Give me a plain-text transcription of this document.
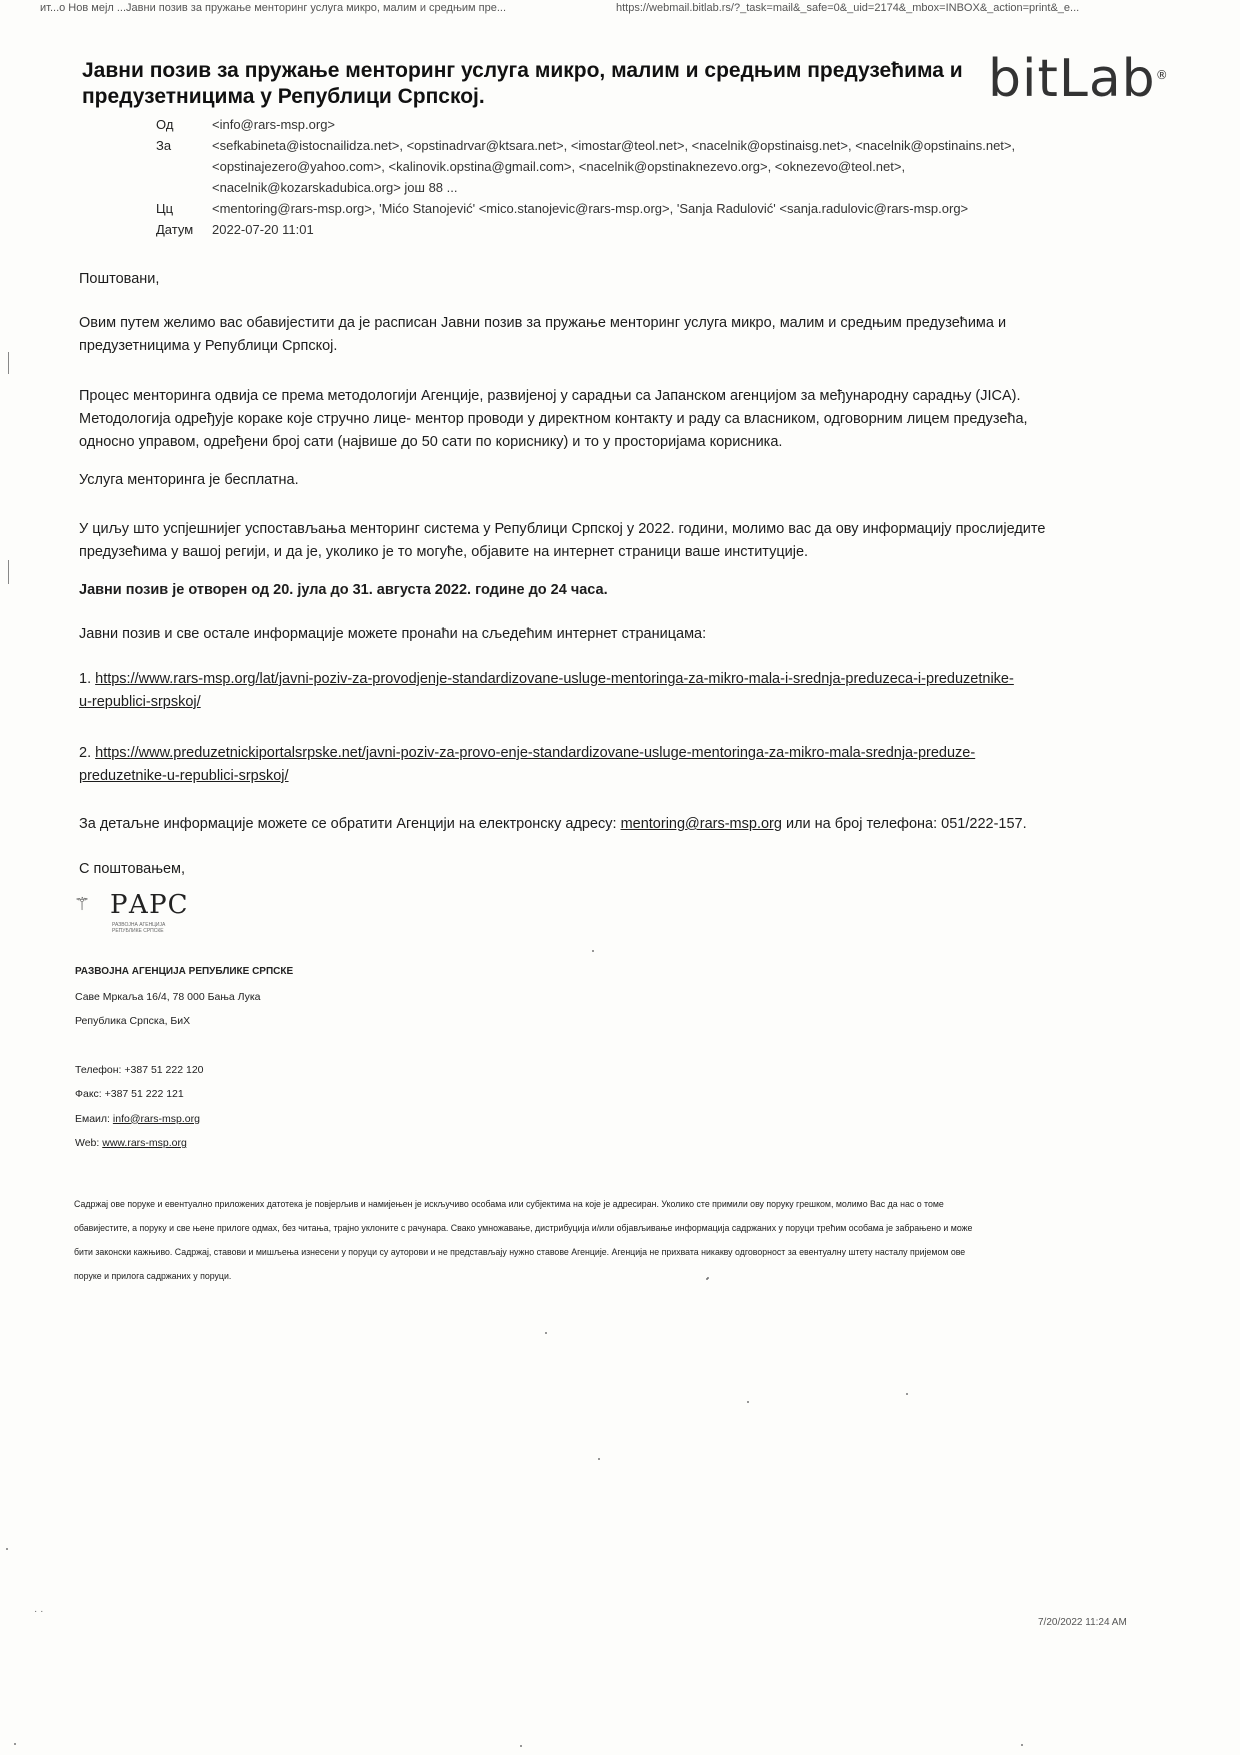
ит...о Нов мејл ...Јавни позив за пружање менторинг услуга микро, малим и средњим пре...	https://webmail.bitlab.rs/?_task=mail&_safe=0&_uid=2174&_mbox=INBOX&_action=print&_e...
Јавни позив за пружање менторинг услуга микро, малим и средњим предузећима и предузетницима у Републици Српској.	bitLab®
Од	<info@rars-msp.org>
За	<sefkabineta@istocnailidza.net>, <opstinadrvar@ktsara.net>, <imostar@teol.net>, <nacelnik@opstinaisg.net>, <nacelnik@opstinains.net>,
<opstinajezero@yahoo.com>, <kalinovik.opstina@gmail.com>, <nacelnik@opstinaknezevo.org>, <oknezevo@teol.net>,
<nacelnik@kozarskadubica.org> још 88 ...
Цц	<mentoring@rars-msp.org>, 'Mićo Stanojević' <mico.stanojevic@rars-msp.org>, 'Sanja Radulović' <sanja.radulovic@rars-msp.org>
Датум	2022-07-20 11:01

Поштовани,

Овим путем желимо вас обавијестити да је расписан Јавни позив за пружање менторинг услуга микро, малим и средњим предузећима и
предузетницима у Републици Српској.

Процес менторинга одвија се према методологији Агенције, развијеној у сарадњи са Јапанском агенцијом за међународну сарадњу (JICA).
Методологија одређује кораке које стручно лице- ментор проводи у директном контакту и раду са власником, одговорним лицем предузећа,
односно управом, одређени број сати (највише до 50 сати по кориснику) и то у просторијама корисника.

Услуга менторинга је бесплатна.

У циљу што успјешнијег успостављања менторинг система у Републици Српској у 2022. години, молимо вас да ову информацију прослиједите
предузећима у вашој регији, и да је, уколико је то могуће, објавите на интернет страници ваше институције.

Јавни позив је отворен од 20. јула до 31. августа 2022. године до 24 часа.

Јавни позив и све остале информације можете пронаћи на сљедећим интернет страницама:

1. https://www.rars-msp.org/lat/javni-poziv-za-provodjenje-standardizovane-usluge-mentoringa-za-mikro-mala-i-srednja-preduzeca-i-preduzetnike-
u-republici-srpskoj/

2. https://www.preduzetnickiportalsrpske.net/javni-poziv-za-provo-enje-standardizovane-usluge-mentoringa-za-mikro-mala-srednja-preduze-
preduzetnike-u-republici-srpskoj/

За детаљне информације можете се обратити Агенцији на електронску адресу: mentoring@rars-msp.org или на број телефона: 051/222-157.

С поштовањем,

⚚ РАРС
РАЗВОЈНА АГЕНЦИЈА РЕПУБЛИКЕ СРПСКЕ
РАЗВОЈНА АГЕНЦИЈА РЕПУБЛИКЕ СРПСКЕ
Саве Мркаља 16/4, 78 000 Бања Лука
Република Српска, БиХ
Телефон: +387 51 222 120
Факс: +387 51 222 121
Емаил: info@rars-msp.org
Web: www.rars-msp.org
Садржај ове поруке и евентуално приложених датотека је повјерљив и намијењен је искључиво особама или субјектима на које је адресиран. Уколико сте примили ову поруку грешком, молимо Вас да нас о томе
обавијестите, а поруку и све њене прилоге одмах, без читања, трајно уклоните с рачунара. Свако умножавање, дистрибуција и/или објављивање информација садржаних у поруци трећим особама је забрањено и може
бити законски кажњиво. Садржај, ставови и мишљења изнесени у поруци су ауторови и не представљају нужно ставове Агенције. Агенција не прихвата никакву одговорност за евентуалну штету насталу пријемом ове
поруке и прилога садржаних у поруци.
· ·
7/20/2022 11:24 AM
